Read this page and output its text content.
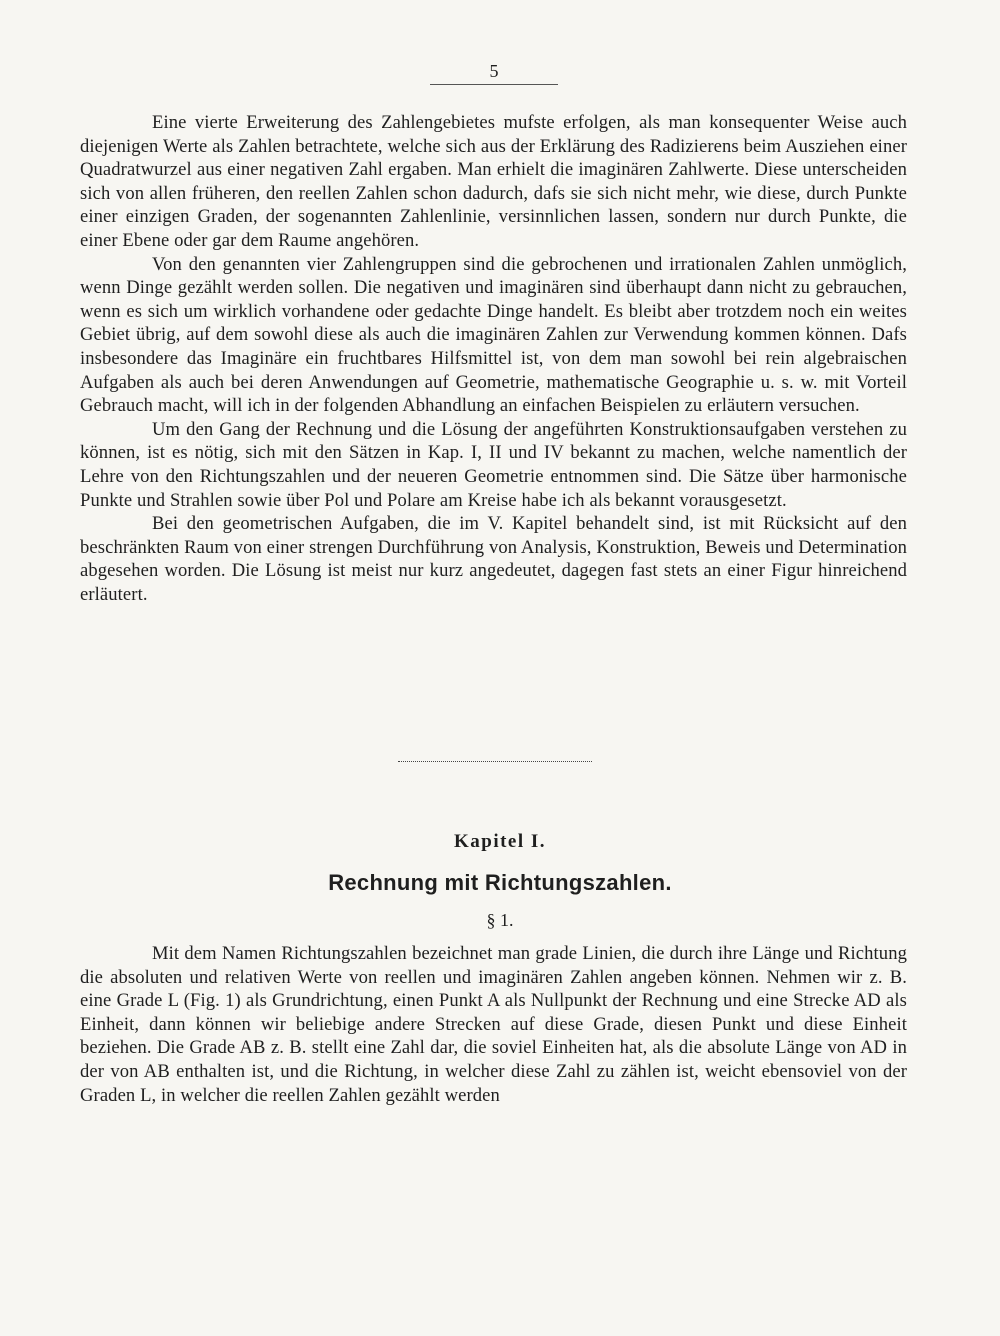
5

Eine vierte Erweiterung des Zahlengebietes mufste erfolgen, als man konsequenter Weise auch diejenigen Werte als Zahlen betrachtete, welche sich aus der Erklärung des Radizierens beim Ausziehen einer Quadratwurzel aus einer negativen Zahl ergaben. Man erhielt die imaginären Zahlwerte. Diese unterscheiden sich von allen früheren, den reellen Zahlen schon dadurch, dafs sie sich nicht mehr, wie diese, durch Punkte einer einzigen Graden, der sogenannten Zahlenlinie, versinnlichen lassen, sondern nur durch Punkte, die einer Ebene oder gar dem Raume angehören.

Von den genannten vier Zahlengruppen sind die gebrochenen und irrationalen Zahlen unmöglich, wenn Dinge gezählt werden sollen. Die negativen und imaginären sind überhaupt dann nicht zu gebrauchen, wenn es sich um wirklich vorhandene oder gedachte Dinge handelt. Es bleibt aber trotzdem noch ein weites Gebiet übrig, auf dem sowohl diese als auch die imaginären Zahlen zur Verwendung kommen können. Dafs insbesondere das Imaginäre ein fruchtbares Hilfsmittel ist, von dem man sowohl bei rein algebraischen Aufgaben als auch bei deren Anwendungen auf Geometrie, mathematische Geographie u. s. w. mit Vorteil Gebrauch macht, will ich in der folgenden Abhandlung an einfachen Beispielen zu erläutern versuchen.

Um den Gang der Rechnung und die Lösung der angeführten Konstruktionsaufgaben verstehen zu können, ist es nötig, sich mit den Sätzen in Kap. I, II und IV bekannt zu machen, welche namentlich der Lehre von den Richtungszahlen und der neueren Geometrie entnommen sind. Die Sätze über harmonische Punkte und Strahlen sowie über Pol und Polare am Kreise habe ich als bekannt vorausgesetzt.

Bei den geometrischen Aufgaben, die im V. Kapitel behandelt sind, ist mit Rücksicht auf den beschränkten Raum von einer strengen Durchführung von Analysis, Konstruktion, Beweis und Determination abgesehen worden. Die Lösung ist meist nur kurz angedeutet, dagegen fast stets an einer Figur hinreichend erläutert.

Kapitel I.
Rechnung mit Richtungszahlen.
§ 1.

Mit dem Namen Richtungszahlen bezeichnet man grade Linien, die durch ihre Länge und Richtung die absoluten und relativen Werte von reellen und imaginären Zahlen angeben können. Nehmen wir z. B. eine Grade L (Fig. 1) als Grundrichtung, einen Punkt A als Nullpunkt der Rechnung und eine Strecke AD als Einheit, dann können wir beliebige andere Strecken auf diese Grade, diesen Punkt und diese Einheit beziehen. Die Grade AB z. B. stellt eine Zahl dar, die soviel Einheiten hat, als die absolute Länge von AD in der von AB enthalten ist, und die Richtung, in welcher diese Zahl zu zählen ist, weicht ebensoviel von der Graden L, in welcher die reellen Zahlen gezählt werden
